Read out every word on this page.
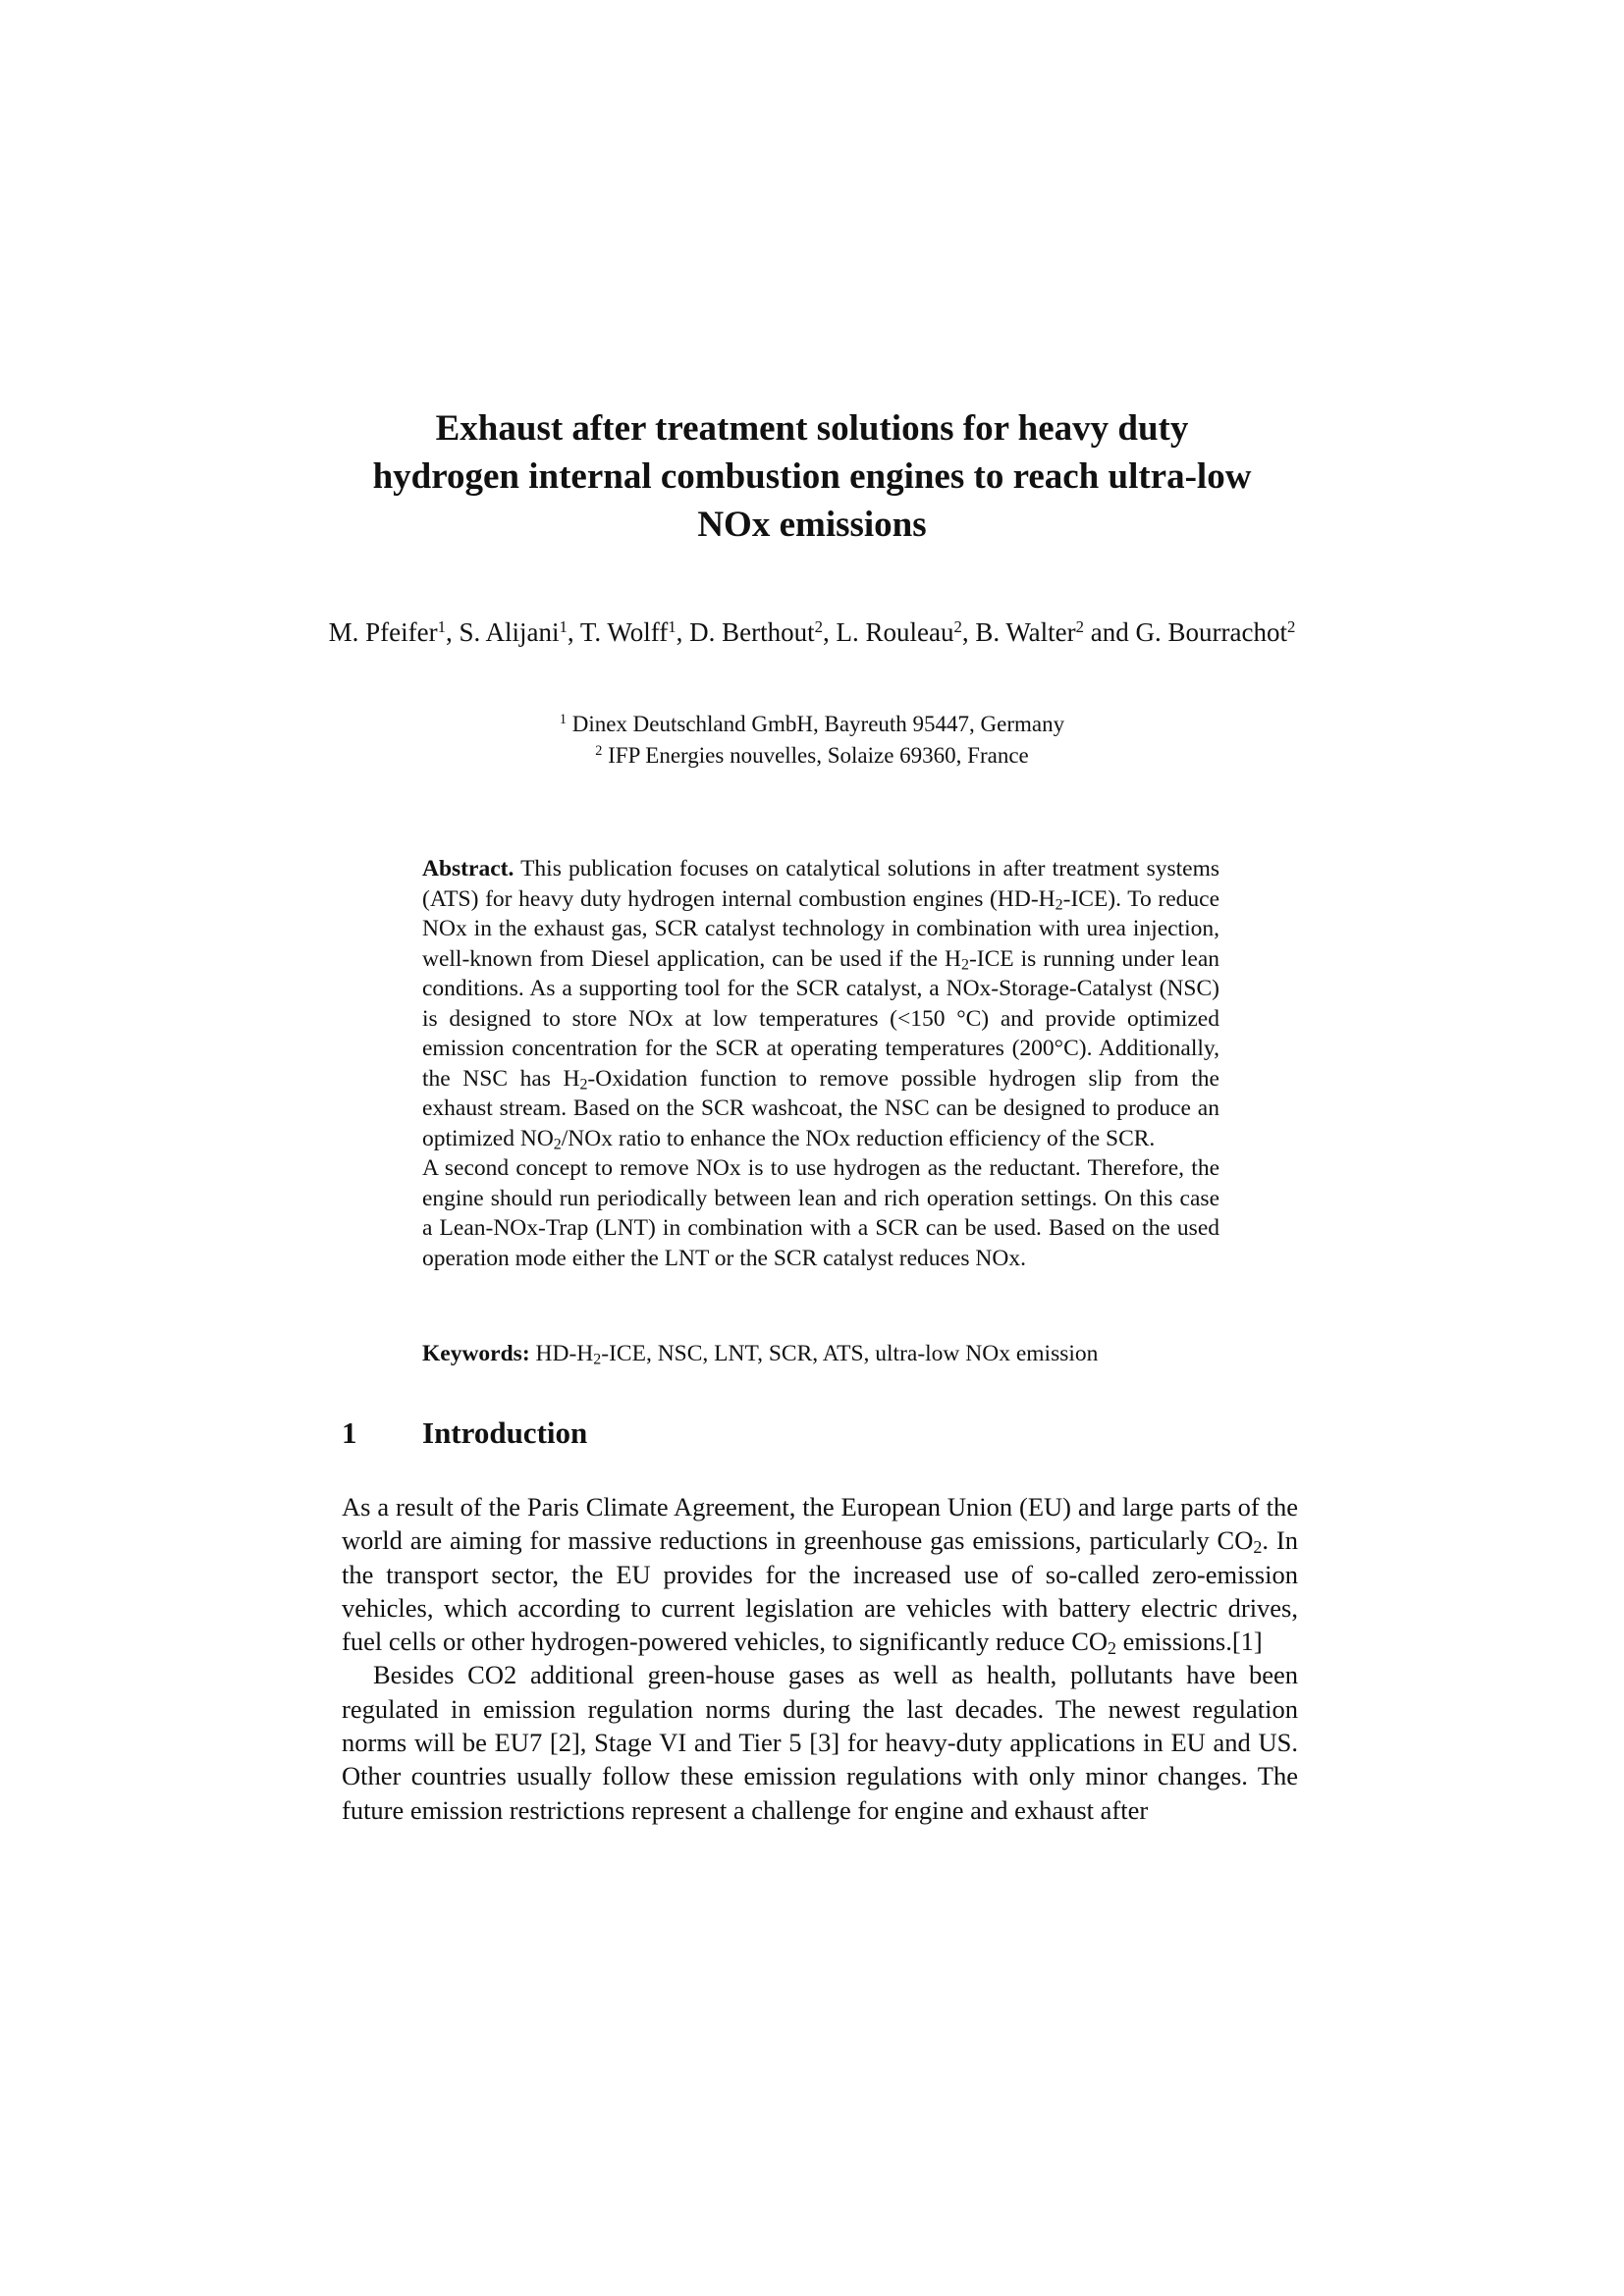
Exhaust after treatment solutions for heavy duty
hydrogen internal combustion engines to reach ultra-low
NOx emissions

M. Pfeifer$^1$, S. Alijani$^1$, T. Wolff$^1$, D. Berthout$^2$, L. Rouleau$^2$, B. Walter$^2$ and G. Bourrachot$^2$

$^1$ Dinex Deutschland GmbH, Bayreuth 95447, Germany
$^2$ IFP Energies nouvelles, Solaize 69360, France

Abstract. This publication focuses on catalytical solutions in after treatment systems (ATS) for heavy duty hydrogen internal combustion engines $(HD-H_2-ICE)$. To reduce NOx in the exhaust gas, SCR catalyst technology in combination with urea injection, well-known from Diesel application, can be used if the $H_2$-ICE is running under lean conditions. As a supporting tool for the SCR catalyst, a NOx-Storage-Catalyst (NSC) is designed to store NOx at low temperatures (<150 °C) and provide optimized emission concentration for the SCR at operating temperatures (200°C). Additionally, the NSC has $H_2$-Oxidation function to remove possible hydrogen slip from the exhaust stream. Based on the SCR washcoat, the NSC can be designed to produce an optimized $NO_2$/NOx ratio to enhance the NOx reduction efficiency of the SCR.

A second concept to remove NOx is to use hydrogen as the reductant. Therefore, the engine should run periodically between lean and rich operation settings. On this case a Lean-NOx-Trap (LNT) in combination with a SCR can be used. Based on the used operation mode either the LNT or the SCR catalyst reduces NOx.

Keywords: $HD-H_2$-ICE, NSC, LNT, SCR, ATS, ultra-low NOx emission

1 Introduction

As a result of the Paris Climate Agreement, the European Union (EU) and large parts of the world are aiming for massive reductions in greenhouse gas emissions, particularly $CO_2$. In the transport sector, the EU provides for the increased use of so-called zero-emission vehicles, which according to current legislation are vehicles with battery electric drives, fuel cells or other hydrogen-powered vehicles, to significantly reduce $CO_2$ emissions.[1]

Besides CO2 additional green-house gases as well as health, pollutants have been regulated in emission regulation norms during the last decades. The newest regulation norms will be EU7 [2], Stage VI and Tier 5 [3] for heavy-duty applications in EU and US. Other countries usually follow these emission regulations with only minor changes. The future emission restrictions represent a challenge for engine and exhaust after
